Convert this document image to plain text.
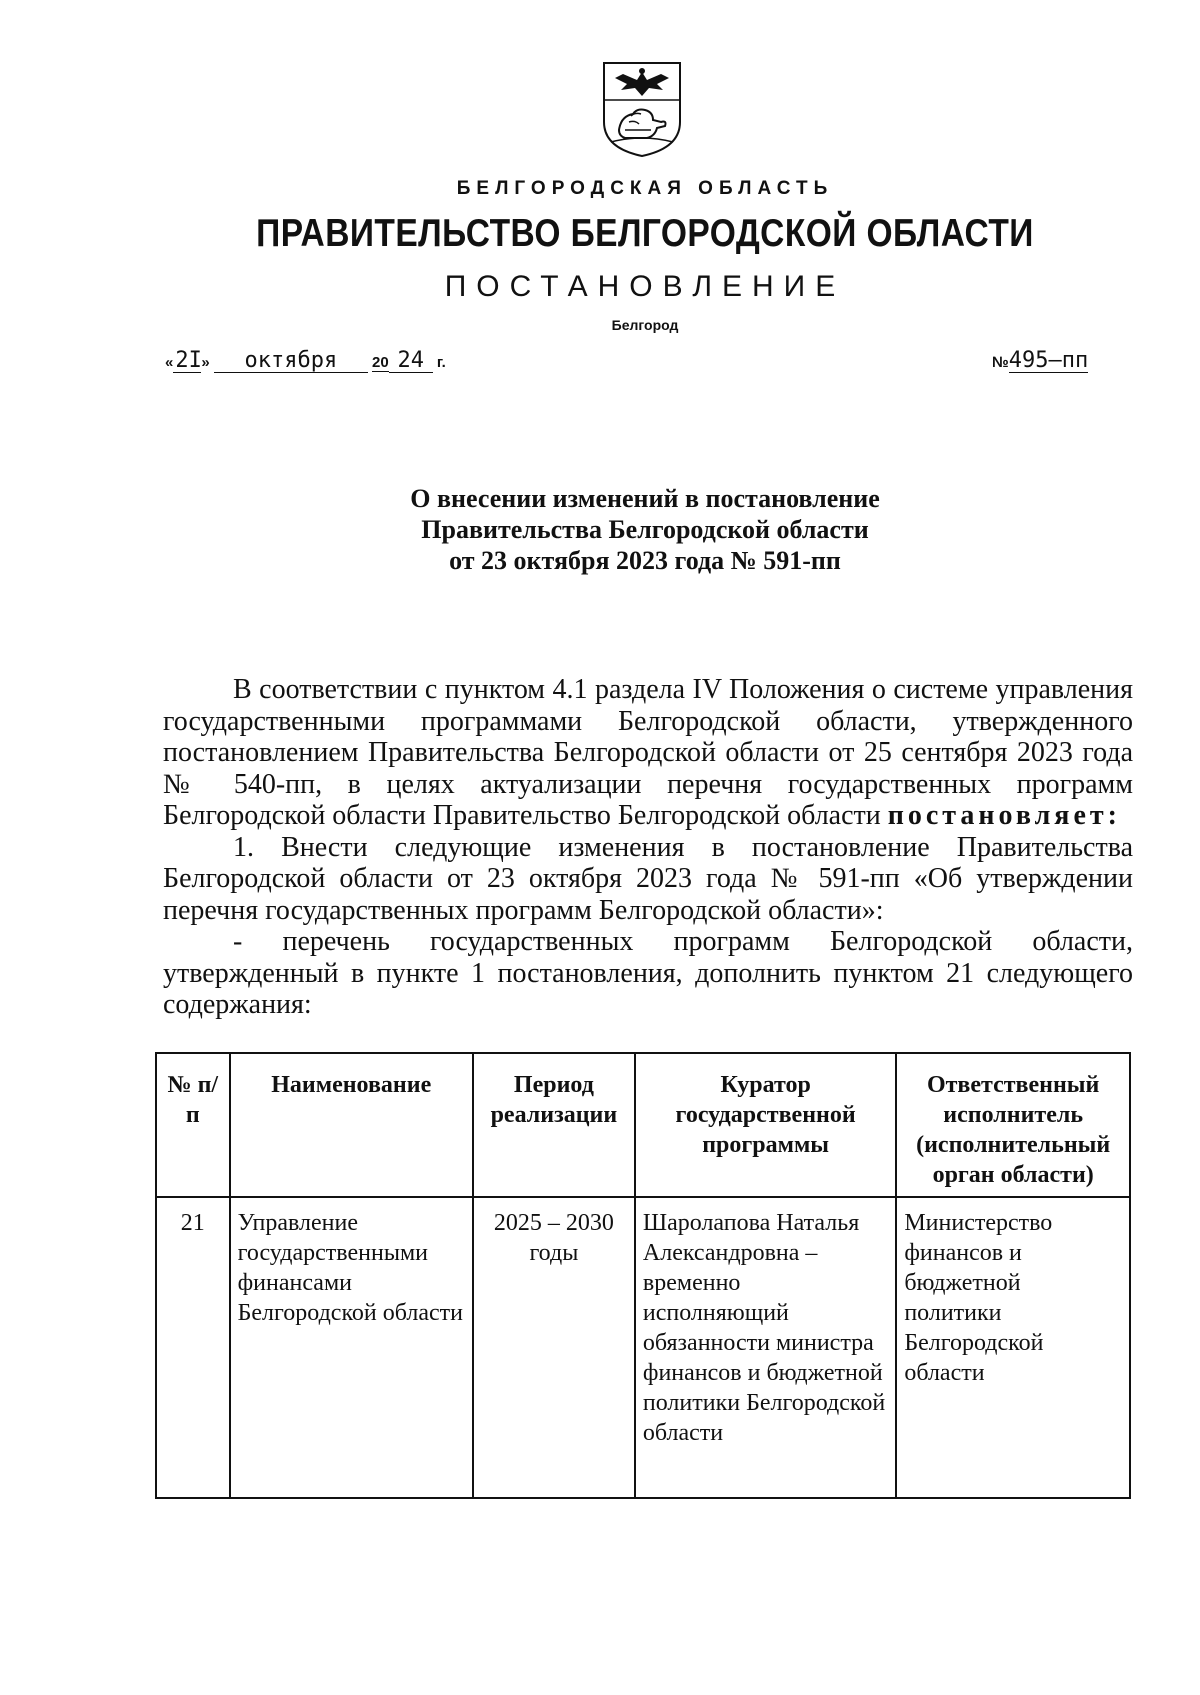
БЕЛГОРОДСКАЯ ОБЛАСТЬ
ПРАВИТЕЛЬСТВО БЕЛГОРОДСКОЙ ОБЛАСТИ
ПОСТАНОВЛЕНИЕ
Белгород
«2I» октября 20 24 г.	№495–пп
О внесении изменений в постановление
Правительства Белгородской области
от 23 октября 2023 года № 591-пп

В соответствии с пунктом 4.1 раздела IV Положения о системе управления государственными программами Белгородской области, утвержденного постановлением Правительства Белгородской области от 25 сентября 2023 года № 540-пп, в целях актуализации перечня государственных программ Белгородской области Правительство Белгородской области постановляет:

1. Внести следующие изменения в постановление Правительства Белгородской области от 23 октября 2023 года № 591-пп «Об утверждении перечня государственных программ Белгородской области»:

- перечень государственных программ Белгородской области, утвержденный в пункте 1 постановления, дополнить пунктом 21 следующего содержания:

№ п/п	Наименование	Период реализации	Куратор государственной программы	Ответственный исполнитель (исполнительный орган области)
21	Управление государственными финансами Белгородской области	2025 – 2030 годы	Шаролапова Наталья Александровна – временно исполняющий обязанности министра финансов и бюджетной политики Белгородской области	Министерство финансов и бюджетной политики Белгородской области
